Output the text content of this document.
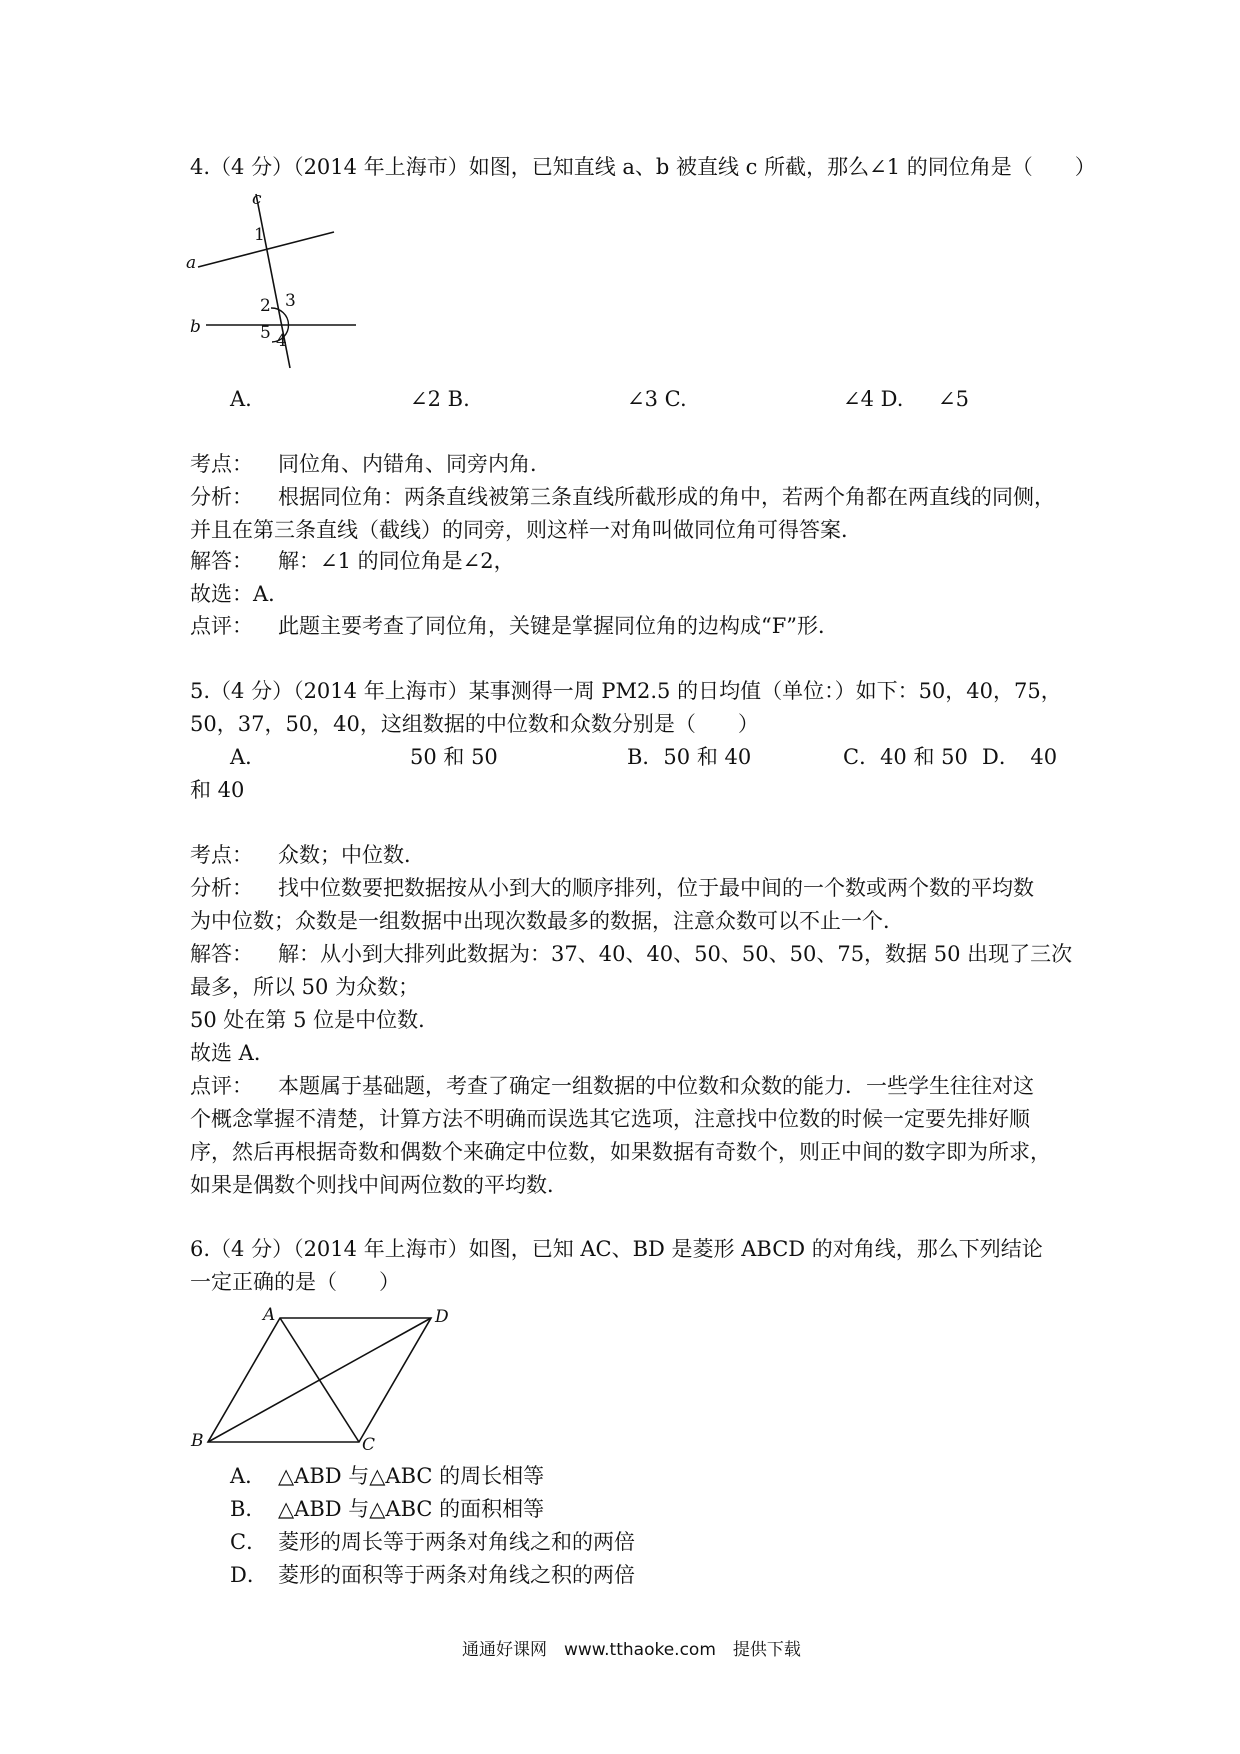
4.（4 分）（2014 年上海市）如图，已知直线 a、b 被直线 c 所截，那么∠1 的同位角是（　　）
c
a
b
1
2 3
4
5
A.	∠2 B.	∠3 C.	∠4 D. ∠5
考点： 同位角、内错角、同旁内角．
分析： 根据同位角：两条直线被第三条直线所截形成的角中，若两个角都在两直线的同侧，
并且在第三条直线（截线）的同旁，则这样一对角叫做同位角可得答案．
解答： 解：∠1 的同位角是∠2，
故选：A．
点评： 此题主要考查了同位角，关键是掌握同位角的边构成“F”形．
5.（4 分）（2014 年上海市）某事测得一周 PM2.5 的日均值（单位：）如下：50，40，75，
50，37，50，40，这组数据的中位数和众数分别是（　　）
A．	50 和 50	B．50 和 40	C．40 和 50 D．　40
和 40
考点： 众数；中位数．
分析： 找中位数要把数据按从小到大的顺序排列，位于最中间的一个数或两个数的平均数
为中位数；众数是一组数据中出现次数最多的数据，注意众数可以不止一个．
解答： 解：从小到大排列此数据为：37、40、40、50、50、50、75，数据 50 出现了三次
最多，所以 50 为众数；
50 处在第 5 位是中位数．
故选 A．
点评： 本题属于基础题，考查了确定一组数据的中位数和众数的能力．一些学生往往对这
个概念掌握不清楚，计算方法不明确而误选其它选项，注意找中位数的时候一定要先排好顺
序，然后再根据奇数和偶数个来确定中位数，如果数据有奇数个，则正中间的数字即为所求，
如果是偶数个则找中间两位数的平均数．
6.（4 分）（2014 年上海市）如图，已知 AC、BD 是菱形 ABCD 的对角线，那么下列结论
一定正确的是（　　）
A	D
B	C
A． △ABD 与△ABC 的周长相等
B． △ABD 与△ABC 的面积相等
C． 菱形的周长等于两条对角线之和的两倍
D． 菱形的面积等于两条对角线之积的两倍
通通好课网　www.tthaoke.com　提供下载
